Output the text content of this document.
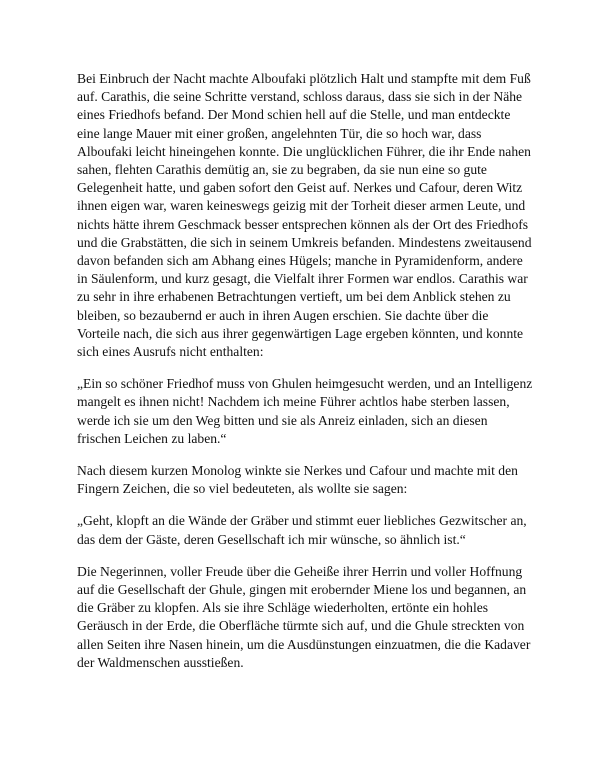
Bei Einbruch der Nacht machte Alboufaki plötzlich Halt und stampfte mit dem Fuß auf. Carathis, die seine Schritte verstand, schloss daraus, dass sie sich in der Nähe eines Friedhofs befand. Der Mond schien hell auf die Stelle, und man entdeckte eine lange Mauer mit einer großen, angelehnten Tür, die so hoch war, dass Alboufaki leicht hineingehen konnte. Die unglücklichen Führer, die ihr Ende nahen sahen, flehten Carathis demütig an, sie zu begraben, da sie nun eine so gute Gelegenheit hatte, und gaben sofort den Geist auf. Nerkes und Cafour, deren Witz ihnen eigen war, waren keineswegs geizig mit der Torheit dieser armen Leute, und nichts hätte ihrem Geschmack besser entsprechen können als der Ort des Friedhofs und die Grabstätten, die sich in seinem Umkreis befanden. Mindestens zweitausend davon befanden sich am Abhang eines Hügels; manche in Pyramidenform, andere in Säulenform, und kurz gesagt, die Vielfalt ihrer Formen war endlos. Carathis war zu sehr in ihre erhabenen Betrachtungen vertieft, um bei dem Anblick stehen zu bleiben, so bezaubernd er auch in ihren Augen erschien. Sie dachte über die Vorteile nach, die sich aus ihrer gegenwärtigen Lage ergeben könnten, und konnte sich eines Ausrufs nicht enthalten:

„Ein so schöner Friedhof muss von Ghulen heimgesucht werden, und an Intelligenz mangelt es ihnen nicht! Nachdem ich meine Führer achtlos habe sterben lassen, werde ich sie um den Weg bitten und sie als Anreiz einladen, sich an diesen frischen Leichen zu laben.“

Nach diesem kurzen Monolog winkte sie Nerkes und Cafour und machte mit den Fingern Zeichen, die so viel bedeuteten, als wollte sie sagen:

„Geht, klopft an die Wände der Gräber und stimmt euer liebliches Gezwitscher an, das dem der Gäste, deren Gesellschaft ich mir wünsche, so ähnlich ist.“

Die Negerinnen, voller Freude über die Geheiße ihrer Herrin und voller Hoffnung auf die Gesellschaft der Ghule, gingen mit erobernder Miene los und begannen, an die Gräber zu klopfen. Als sie ihre Schläge wiederholten, ertönte ein hohles Geräusch in der Erde, die Oberfläche türmte sich auf, und die Ghule streckten von allen Seiten ihre Nasen hinein, um die Ausdünstungen einzuatmen, die die Kadaver der Waldmenschen ausstießen.
